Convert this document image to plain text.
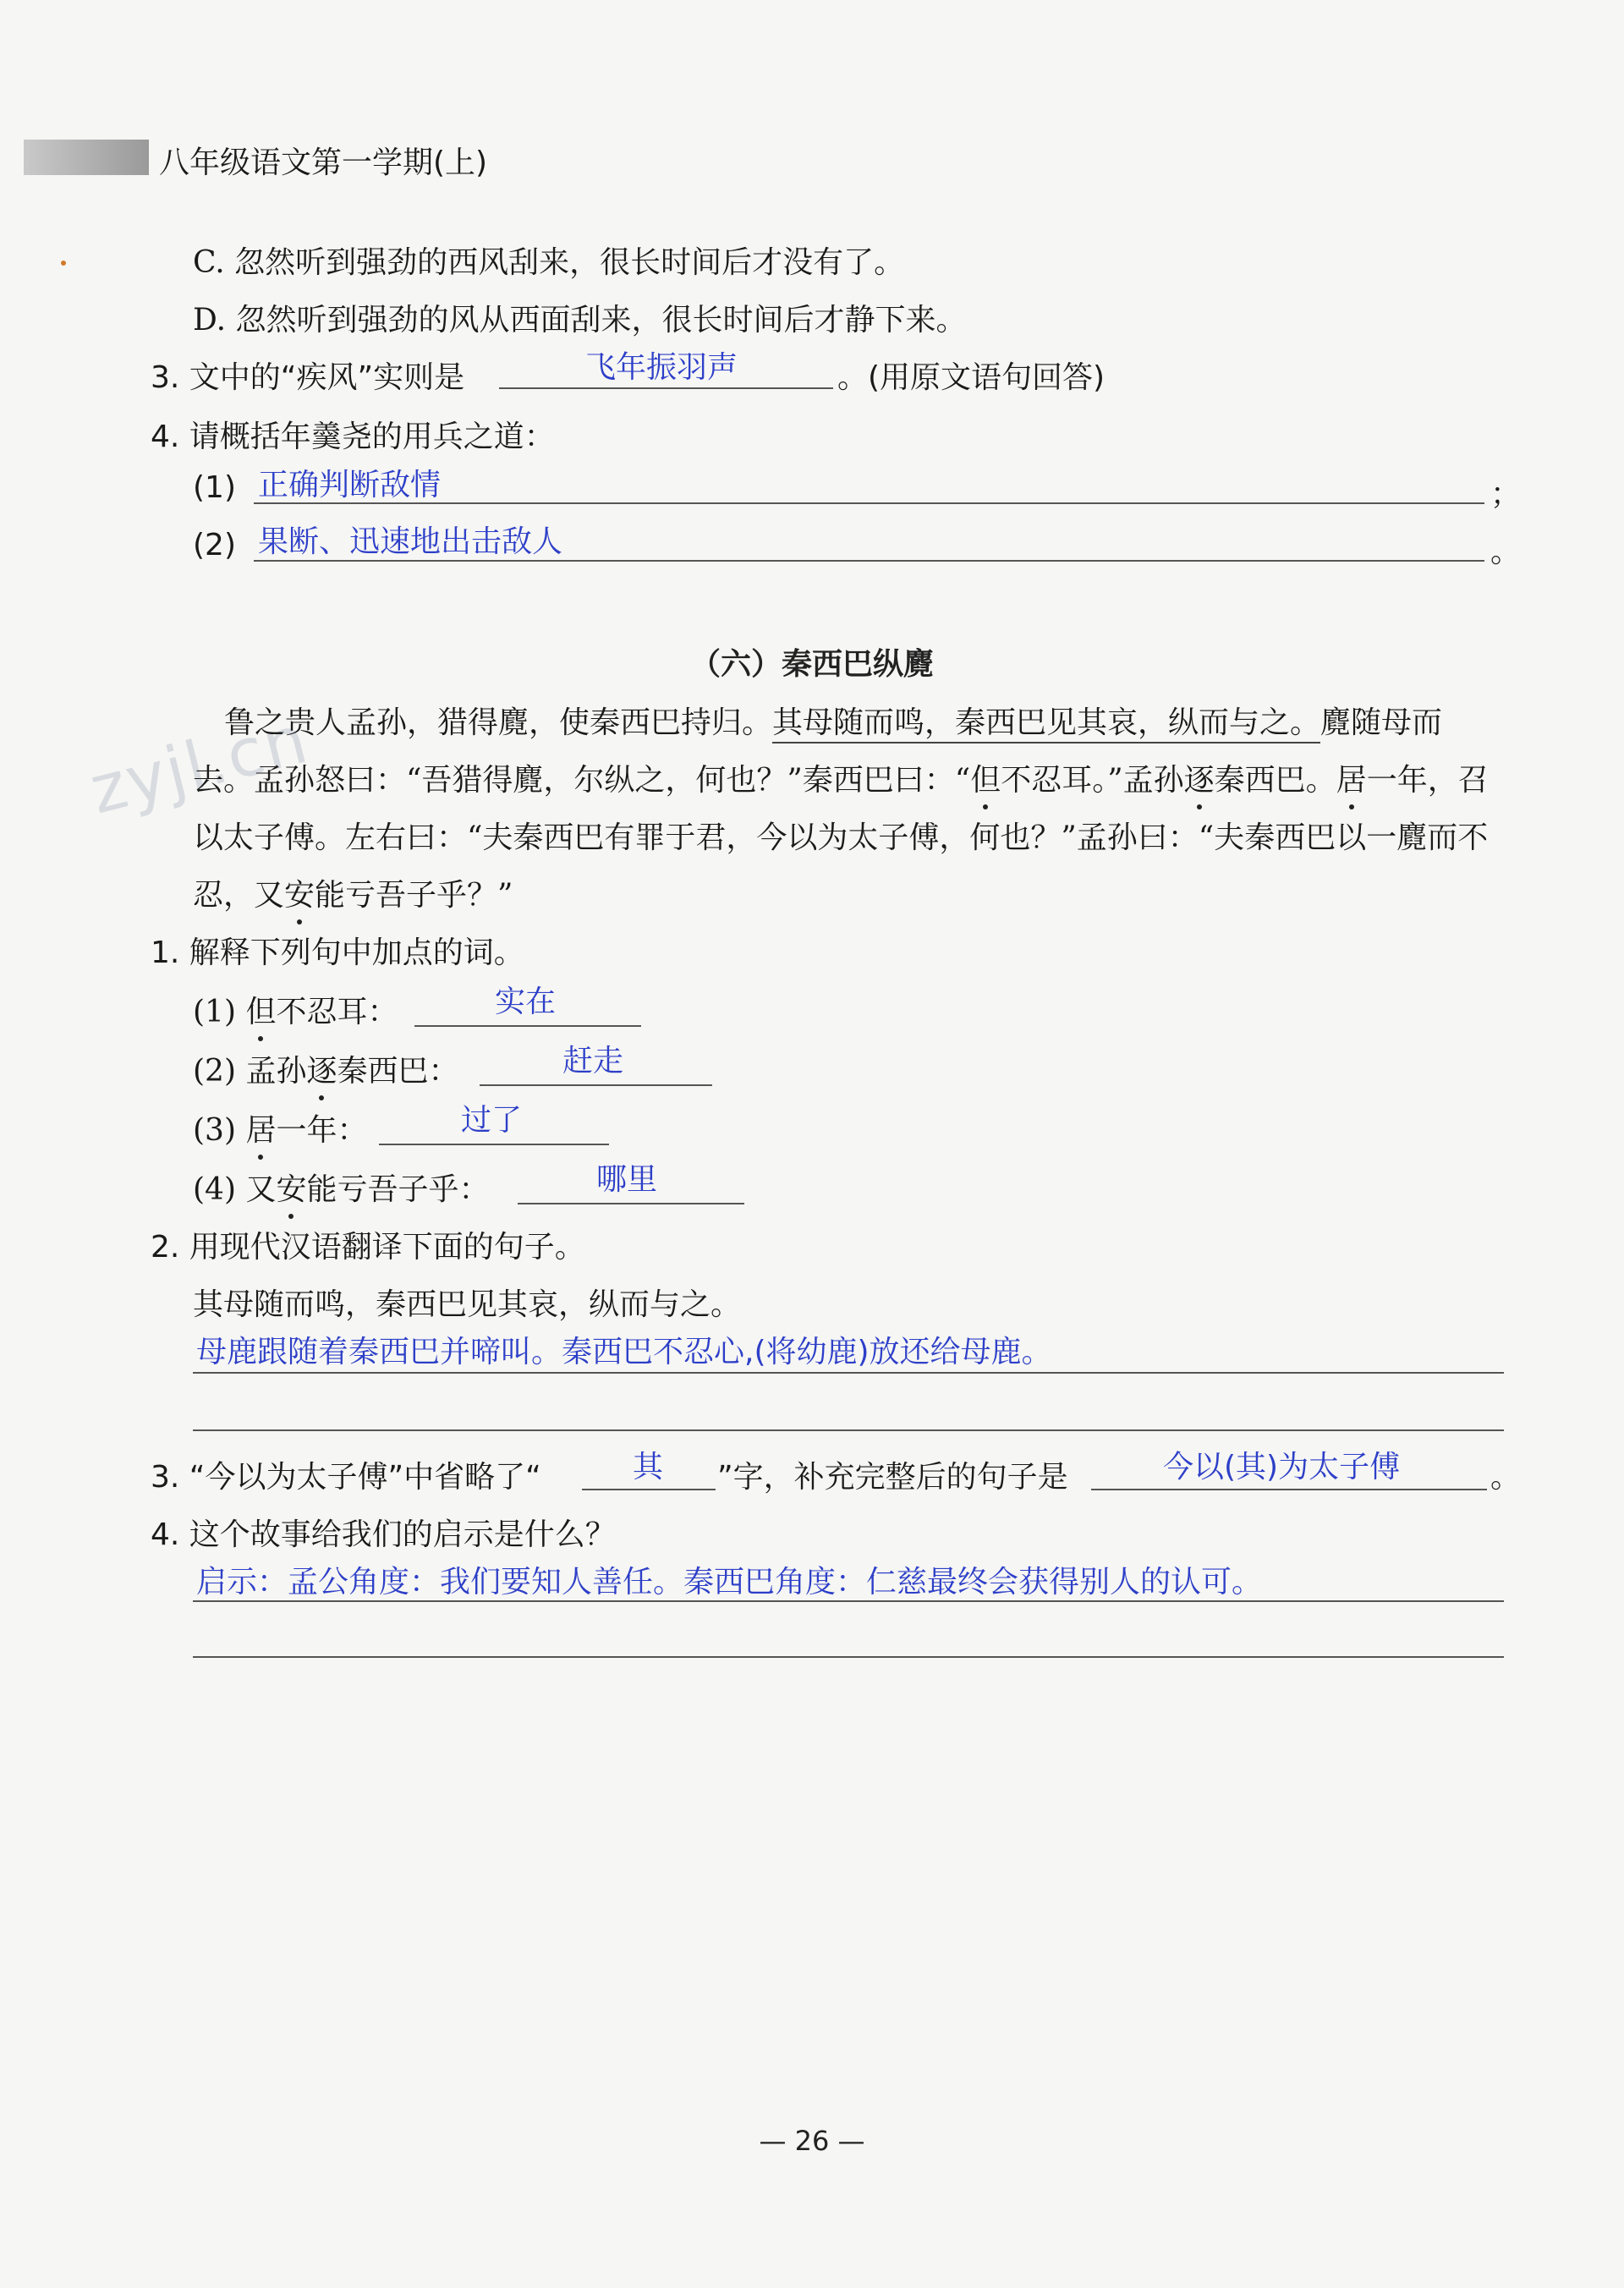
八年级语文第一学期(上)
C. 忽然听到强劲的西风刮来，很长时间后才没有了。
D. 忽然听到强劲的风从西面刮来，很长时间后才静下来。
3. 文中的“疾风”实则是	飞年振羽声	。(用原文语句回答)
4. 请概括年羹尧的用兵之道：
(1) 正确判断敌情	；
(2) 果断、迅速地出击敌人	。
（六）秦西巴纵麑
zyjl.cn
鲁之贵人孟孙，猎得麑，使秦西巴持归。其母随而鸣，秦西巴见其哀，纵而与之。麑随母而
去。孟孙怒曰：“吾猎得麑，尔纵之，何也？”秦西巴曰：“但不忍耳。”孟孙逐秦西巴。居一年，召
以太子傅。左右曰：“夫秦西巴有罪于君，今以为太子傅，何也？”孟孙曰：“夫秦西巴以一麑而不
忍，又安能亏吾子乎？”
1. 解释下列句中加点的词。
(1) 但不忍耳：	实在
(2) 孟孙逐秦西巴：	赶走
(3) 居一年：	过了
(4) 又安能亏吾子乎：	哪里
2. 用现代汉语翻译下面的句子。
其母随而鸣，秦西巴见其哀，纵而与之。
母鹿跟随着秦西巴并啼叫。秦西巴不忍心,(将幼鹿)放还给母鹿。
3. “今以为太子傅”中省略了“	其 ”字，补充完整后的句子是	今以(其)为太子傅	。
4. 这个故事给我们的启示是什么？
启示：孟公角度：我们要知人善任。秦西巴角度：仁慈最终会获得别人的认可。
— 26 —
